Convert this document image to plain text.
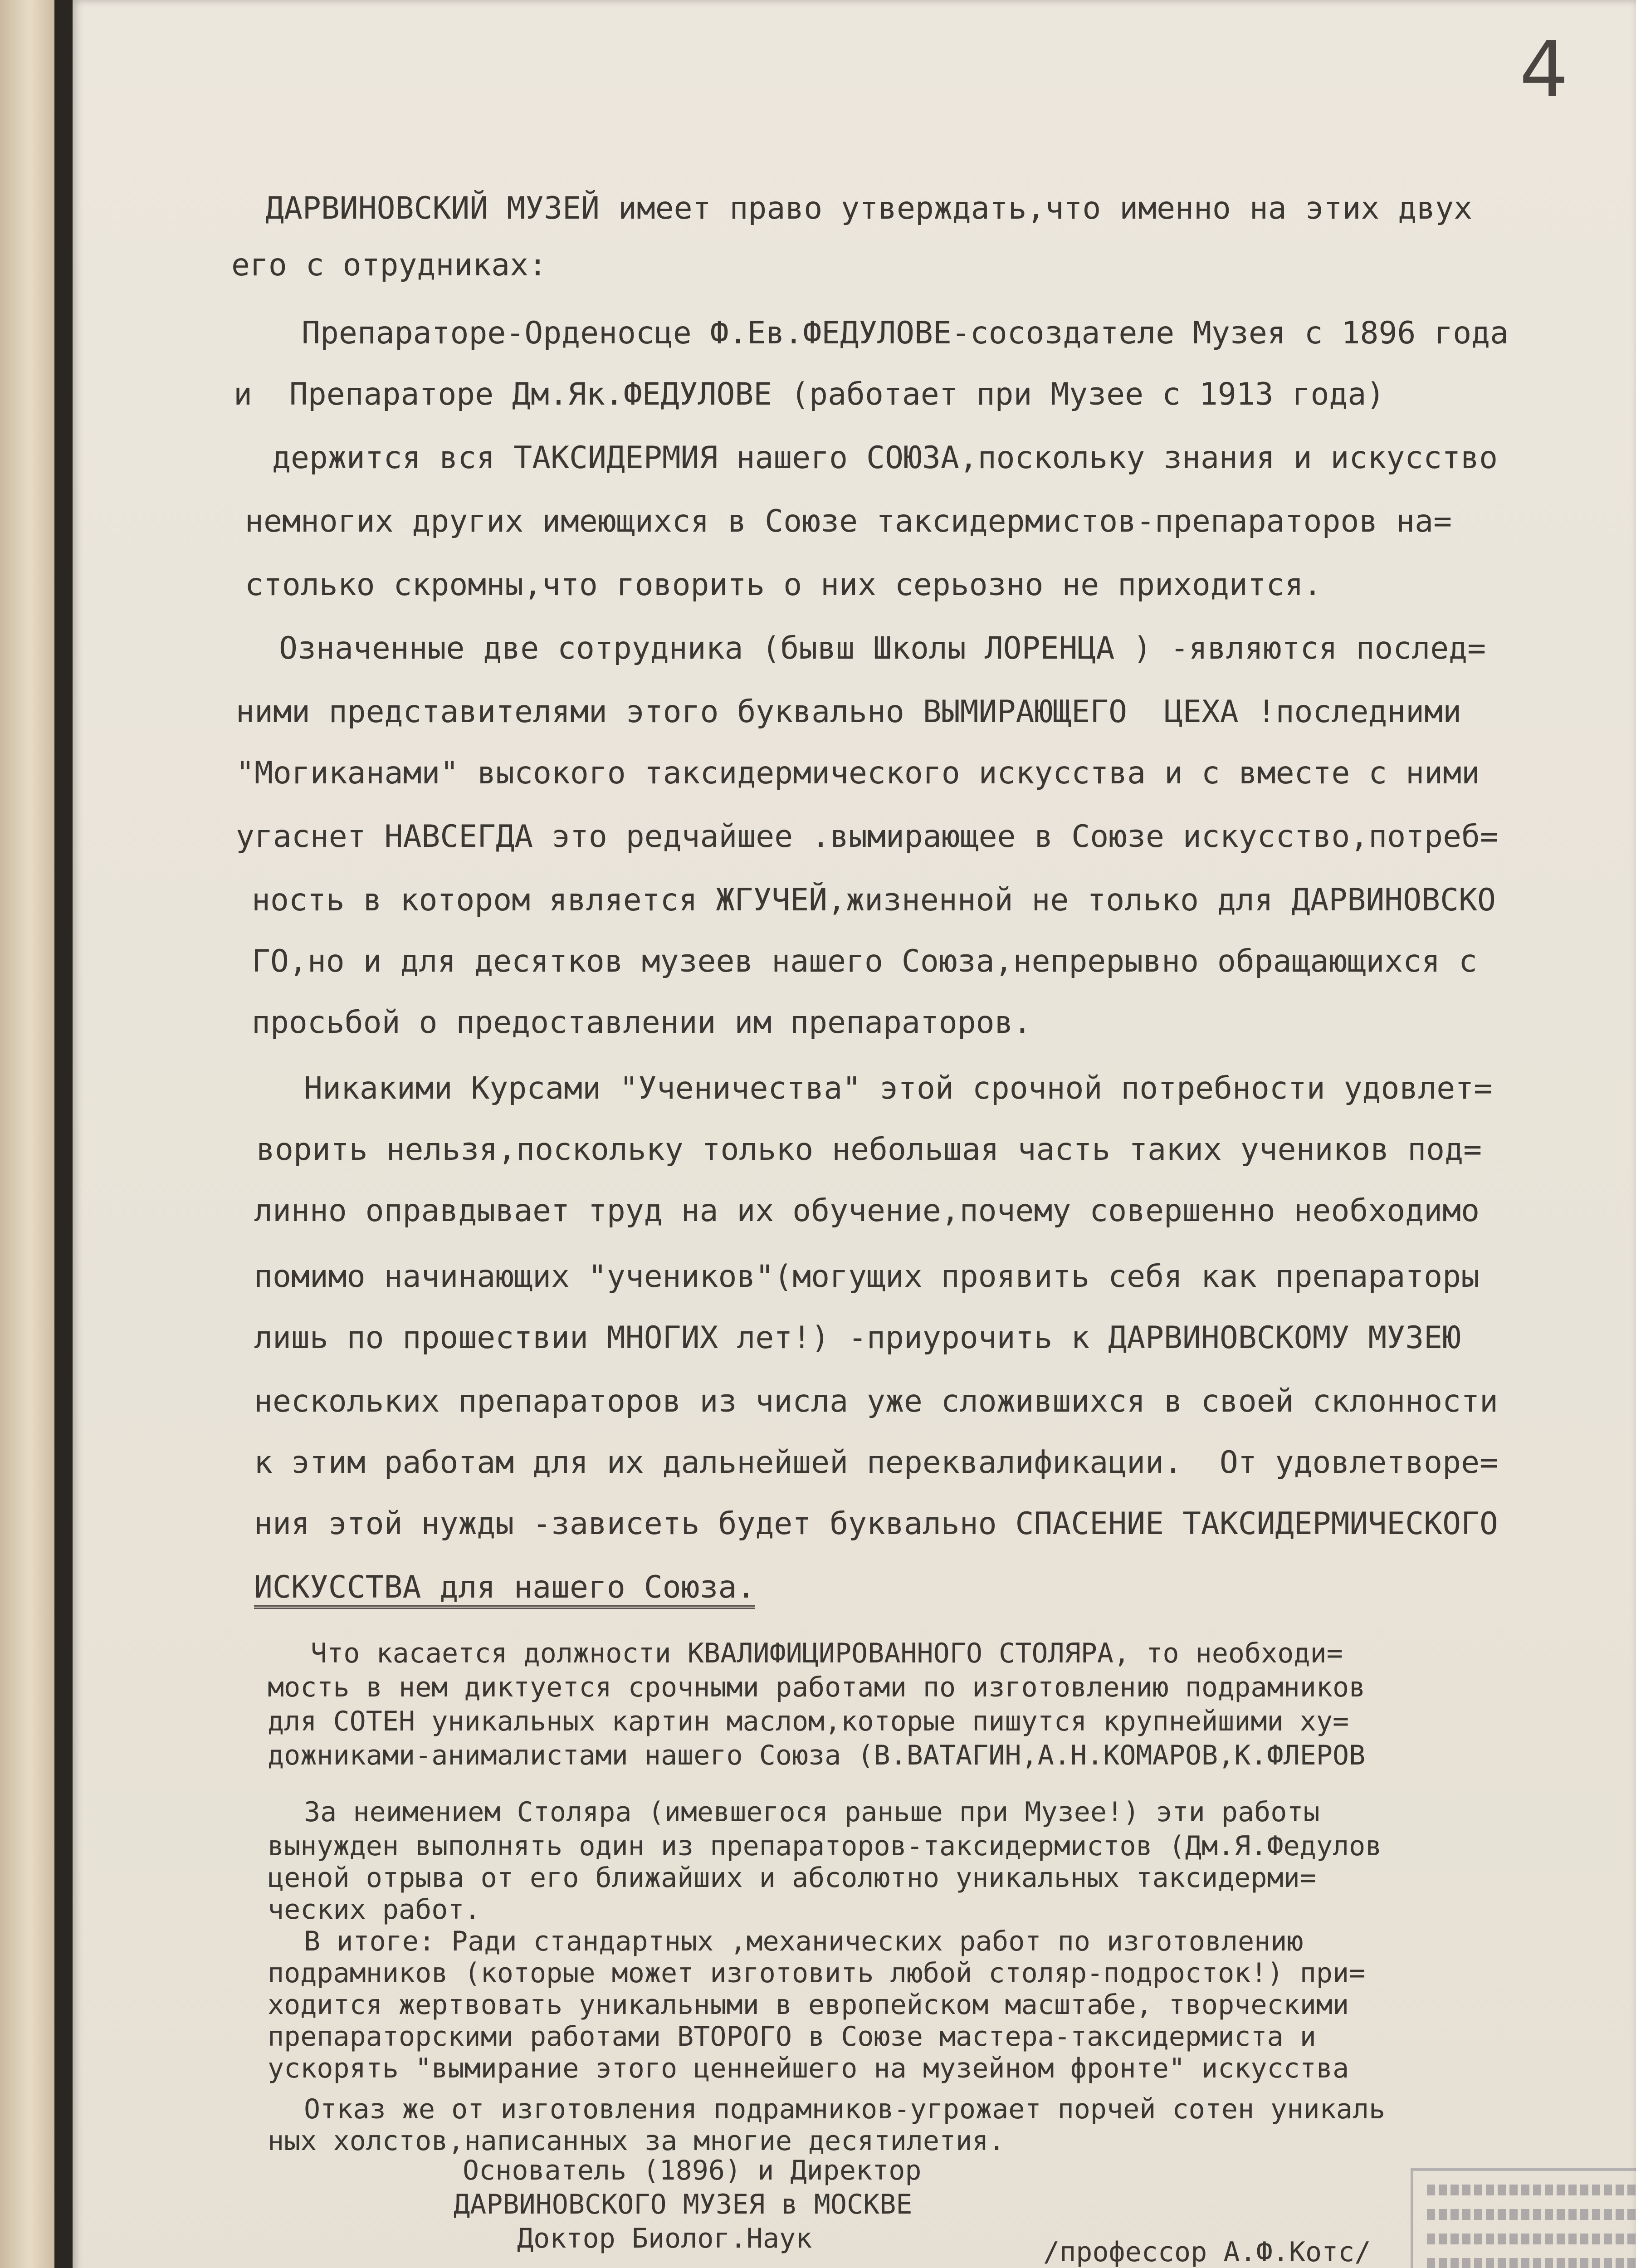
4
ДАРВИНОВСКИЙ МУЗЕЙ имеет право утверждать,что именно на этих двух
его с отрудниках:
Препараторе-Орденосце Ф.Ев.ФЕДУЛОВЕ-сосоздателе Музея с 1896 года
и  Препараторе Дм.Як.ФЕДУЛОВЕ (работает при Музее с 1913 года)
держится вся ТАКСИДЕРМИЯ нашего СОЮЗА,поскольку знания и искусство
немногих других имеющихся в Союзе таксидермистов-препараторов на=
столько скромны,что говорить о них серьозно не приходится.
Означенные две сотрудника (бывш Школы ЛОРЕНЦА ) -являются послед=
ними представителями этого буквально ВЫМИРАЮЩЕГО  ЦЕХА !последними
"Могиканами" высокого таксидермического искусства и с вместе с ними
угаснет НАВСЕГДА это редчайшее .вымирающее в Союзе искусство,потреб=
ность в котором является ЖГУЧЕЙ,жизненной не только для ДАРВИНОВСКО
ГО,но и для десятков музеев нашего Союза,непрерывно обращающихся с
просьбой о предоставлении им препараторов.
Никакими Курсами "Ученичества" этой срочной потребности удовлет=
ворить нельзя,поскольку только небольшая часть таких учеников под=
линно оправдывает труд на их обучение,почему совершенно необходимо
помимо начинающих "учеников"(могущих проявить себя как препараторы
лишь по прошествии МНОГИХ лет!) -приурочить к ДАРВИНОВСКОМУ МУЗЕЮ
нескольких препараторов из числа уже сложившихся в своей склонности
к этим работам для их дальнейшей переквалификации.  От удовлетворе=
ния этой нужды -зависеть будет буквально СПАСЕНИЕ ТАКСИДЕРМИЧЕСКОГО
ИСКУССТВА для нашего Союза.
Что касается должности КВАЛИФИЦИРОВАННОГО СТОЛЯРА, то необходи=
мость в нем диктуется срочными работами по изготовлению подрамников
для СОТЕН уникальных картин маслом,которые пишутся крупнейшими ху=
дожниками-анималистами нашего Союза (В.ВАТАГИН,А.Н.КОМАРОВ,К.ФЛЕРОВ
За неимением Столяра (имевшегося раньше при Музее!) эти работы
вынужден выполнять один из препараторов-таксидермистов (Дм.Я.Федулов
ценой отрыва от его ближайших и абсолютно уникальных таксидерми=
ческих работ.
В итоге: Ради стандартных ,механических работ по изготовлению
подрамников (которые может изготовить любой столяр-подросток!) при=
ходится жертвовать уникальными в европейском масштабе, творческими
препараторскими работами ВТОРОГО в Союзе мастера-таксидермиста и
ускорять "вымирание этого ценнейшего на музейном фронте" искусства
Отказ же от изготовления подрамников-угрожает порчей сотен уникаль
ных холстов,написанных за многие десятилетия.
Основатель (1896) и Директор
ДАРВИНОВСКОГО МУЗЕЯ в МОСКВЕ
Доктор Биолог.Наук	/профессор А.Ф.Котс/
